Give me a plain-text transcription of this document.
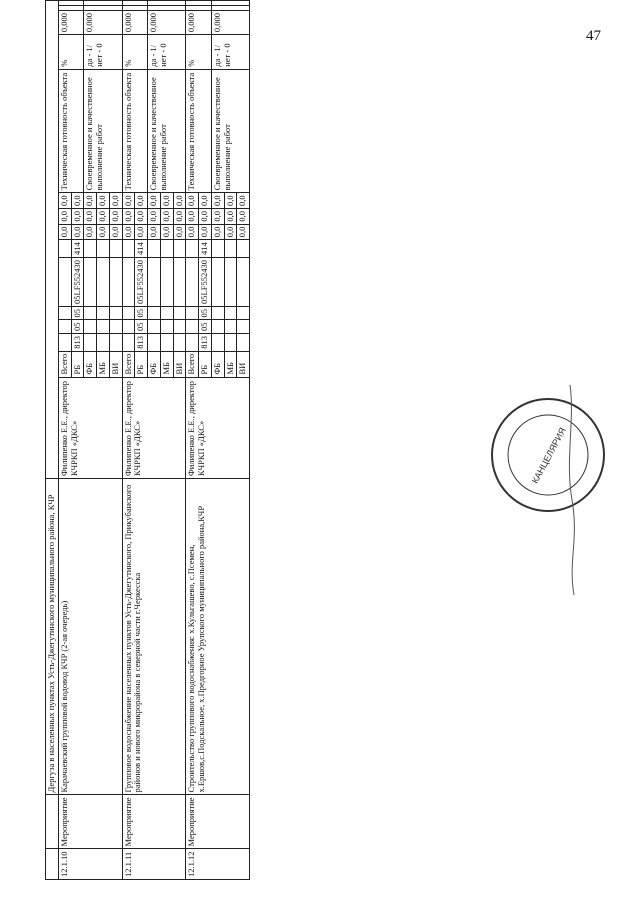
47
		Дергуза в населенных пунктах Усть-Джегутинского муниципального района, КЧР															
12.1.10	Мероприятие	Карачаевский групповой водовод КЧР (2-ая очередь)	Филипенко Е.Е., директор КЧРКП «ДКС»	Всего						0,0	0,0	0,0	Техническая готовность объекта	%	0,000		
				РБ	813	05	05	05LF552430	414	0,0	0,0	0,0					
				ФБ						0,0	0,0	0,0	Своевременное и качественное выполнение работ	да - 1/ нет - 0	0,000		
				МБ						0,0	0,0	0,0					
				ВИ						0,0	0,0	0,0					
12.1.11	Мероприятие	Групповое водоснабжение населенных пунктов Усть-Джегутинского, Прикубанского районов и нового микрорайона в северной части г.Черкесска	Филипенко Е.Е., директор КЧРКП «ДКС»	Всего						0,0	0,0	0,0	Техническая готовность объекта	%	0,000		
				РБ	813	05	05	05LF552430	414	0,0	0,0	0,0					
				ФБ						0,0	0,0	0,0	Своевременное и качественное выполнение работ	да - 1/ нет - 0	0,000		
				МБ						0,0	0,0	0,0					
				ВИ						0,0	0,0	0,0					
12.1.12	Мероприятие	Строительство группового водоснабжения: х.Кульгашево, с.Псемен, х.Ершов,с.Подскальное, х.Предгорное Урупского муниципального района,КЧР	Филипенко Е.Е., директор КЧРКП «ДКС»	Всего						0,0	0,0	0,0	Техническая готовность объекта	%	0,000		
				РБ	813	05	05	05LF552430	414	0,0	0,0	0,0					
				ФБ						0,0	0,0	0,0	Своевременное и качественное выполнение работ	да - 1/ нет - 0	0,000		
				МБ						0,0	0,0	0,0					
				ВИ						0,0	0,0	0,0					
КАНЦЕЛЯРИЯ
